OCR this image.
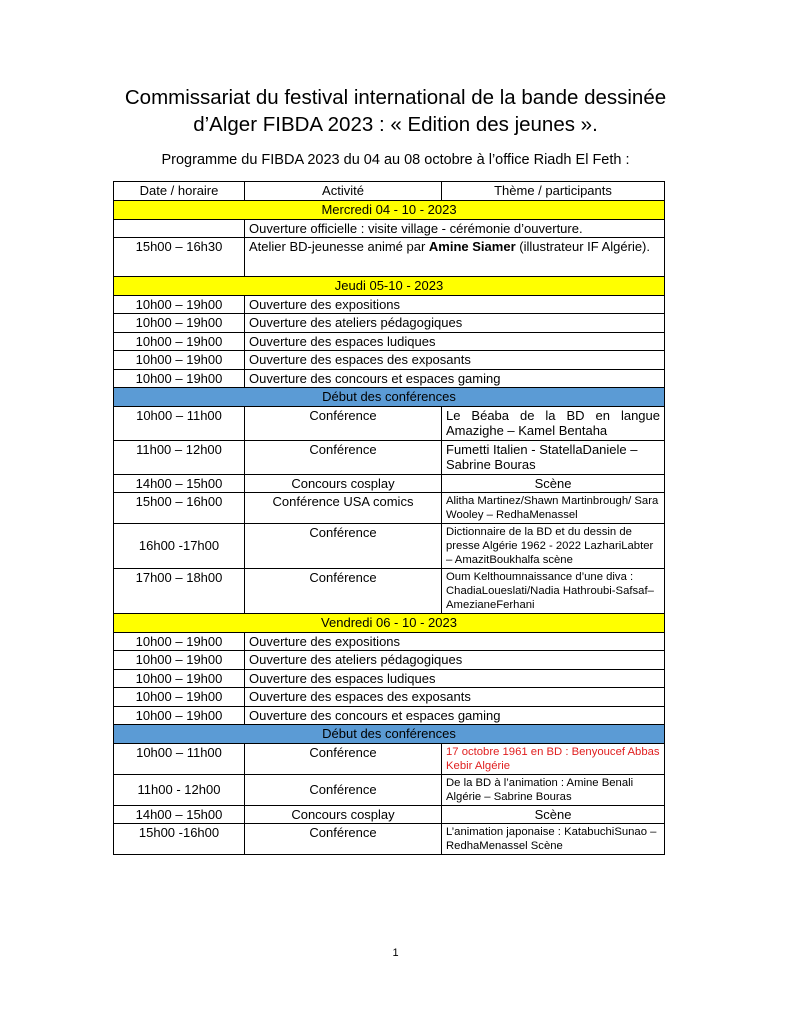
Commissariat du festival international de la bande dessinée
d’Alger FIBDA 2023 : « Edition des jeunes ».
Programme du FIBDA 2023 du 04 au 08 octobre à l’office Riadh El Feth :
Date / horaire	Activité	Thème / participants
Mercredi 04 - 10 - 2023		
	Ouverture officielle : visite village - cérémonie d’ouverture.	
15h00 – 16h30	Atelier BD-jeunesse animé par Amine Siamer (illustrateur IF Algérie).	
Jeudi 05-10 - 2023		
10h00 – 19h00	Ouverture des expositions	
10h00 – 19h00	Ouverture des ateliers pédagogiques	
10h00 – 19h00	Ouverture des espaces ludiques	
10h00 – 19h00	Ouverture des espaces des exposants	
10h00 – 19h00	Ouverture des concours et espaces gaming	
Début des conférences		
10h00 – 11h00	Conférence	Le Béaba de la BD en langue Amazighe – Kamel Bentaha
11h00 – 12h00	Conférence	Fumetti Italien - StatellaDaniele – Sabrine Bouras
14h00 – 15h00	Concours cosplay	Scène
15h00 – 16h00	Conférence USA comics	Alitha Martinez/Shawn Martinbrough/ Sara Wooley – RedhaMenassel
16h00 -17h00	Conférence	Dictionnaire de la BD et du dessin de presse Algérie 1962 - 2022 LazhariLabter – AmazitBoukhalfa scène
17h00 – 18h00	Conférence	Oum Kelthoumnaissance d’une diva : ChadiaLoueslati/Nadia Hathroubi-Safsaf– AmezianeFerhani
Vendredi 06 - 10 - 2023		
10h00 – 19h00	Ouverture des expositions	
10h00 – 19h00	Ouverture des ateliers pédagogiques	
10h00 – 19h00	Ouverture des espaces ludiques	
10h00 – 19h00	Ouverture des espaces des exposants	
10h00 – 19h00	Ouverture des concours et espaces gaming	
Début des conférences		
10h00 – 11h00	Conférence	17 octobre 1961 en BD : Benyoucef Abbas Kebir Algérie
11h00 - 12h00	Conférence	De la BD à l’animation : Amine Benali Algérie – Sabrine Bouras
14h00 – 15h00	Concours cosplay	Scène
15h00 -16h00	Conférence	L’animation japonaise : KatabuchiSunao – RedhaMenassel Scène
1
